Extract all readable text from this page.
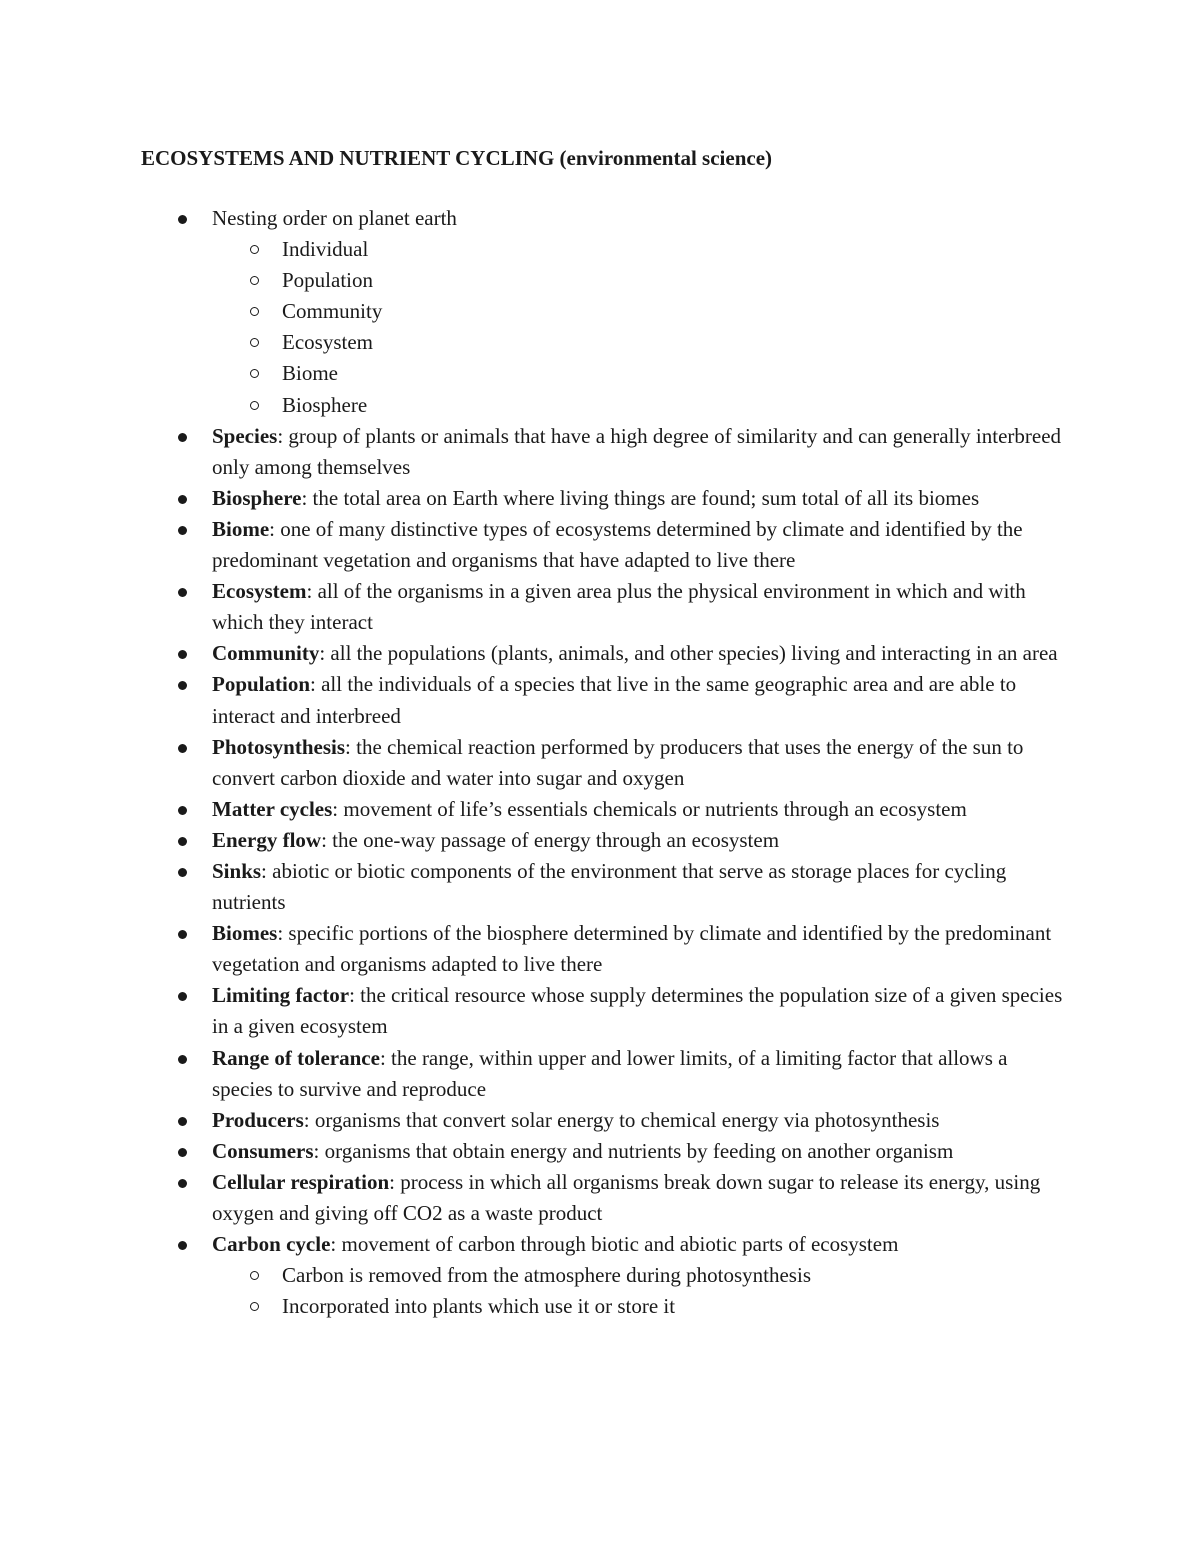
ECOSYSTEMS AND NUTRIENT CYCLING (environmental science)
Nesting order on planet earth
Individual
Population
Community
Ecosystem
Biome
Biosphere
Species: group of plants or animals that have a high degree of similarity and can generally interbreed only among themselves
Biosphere: the total area on Earth where living things are found; sum total of all its biomes
Biome: one of many distinctive types of ecosystems determined by climate and identified by the predominant vegetation and organisms that have adapted to live there
Ecosystem: all of the organisms in a given area plus the physical environment in which and with which they interact
Community: all the populations (plants, animals, and other species) living and interacting in an area
Population: all the individuals of a species that live in the same geographic area and are able to interact and interbreed
Photosynthesis: the chemical reaction performed by producers that uses the energy of the sun to convert carbon dioxide and water into sugar and oxygen
Matter cycles: movement of life’s essentials chemicals or nutrients through an ecosystem
Energy flow: the one-way passage of energy through an ecosystem
Sinks: abiotic or biotic components of the environment that serve as storage places for cycling nutrients
Biomes: specific portions of the biosphere determined by climate and identified by the predominant vegetation and organisms adapted to live there
Limiting factor: the critical resource whose supply determines the population size of a given species in a given ecosystem
Range of tolerance: the range, within upper and lower limits, of a limiting factor that allows a species to survive and reproduce
Producers: organisms that convert solar energy to chemical energy via photosynthesis
Consumers: organisms that obtain energy and nutrients by feeding on another organism
Cellular respiration: process in which all organisms break down sugar to release its energy, using oxygen and giving off CO2 as a waste product
Carbon cycle: movement of carbon through biotic and abiotic parts of ecosystem
Carbon is removed from the atmosphere during photosynthesis
Incorporated into plants which use it or store it
